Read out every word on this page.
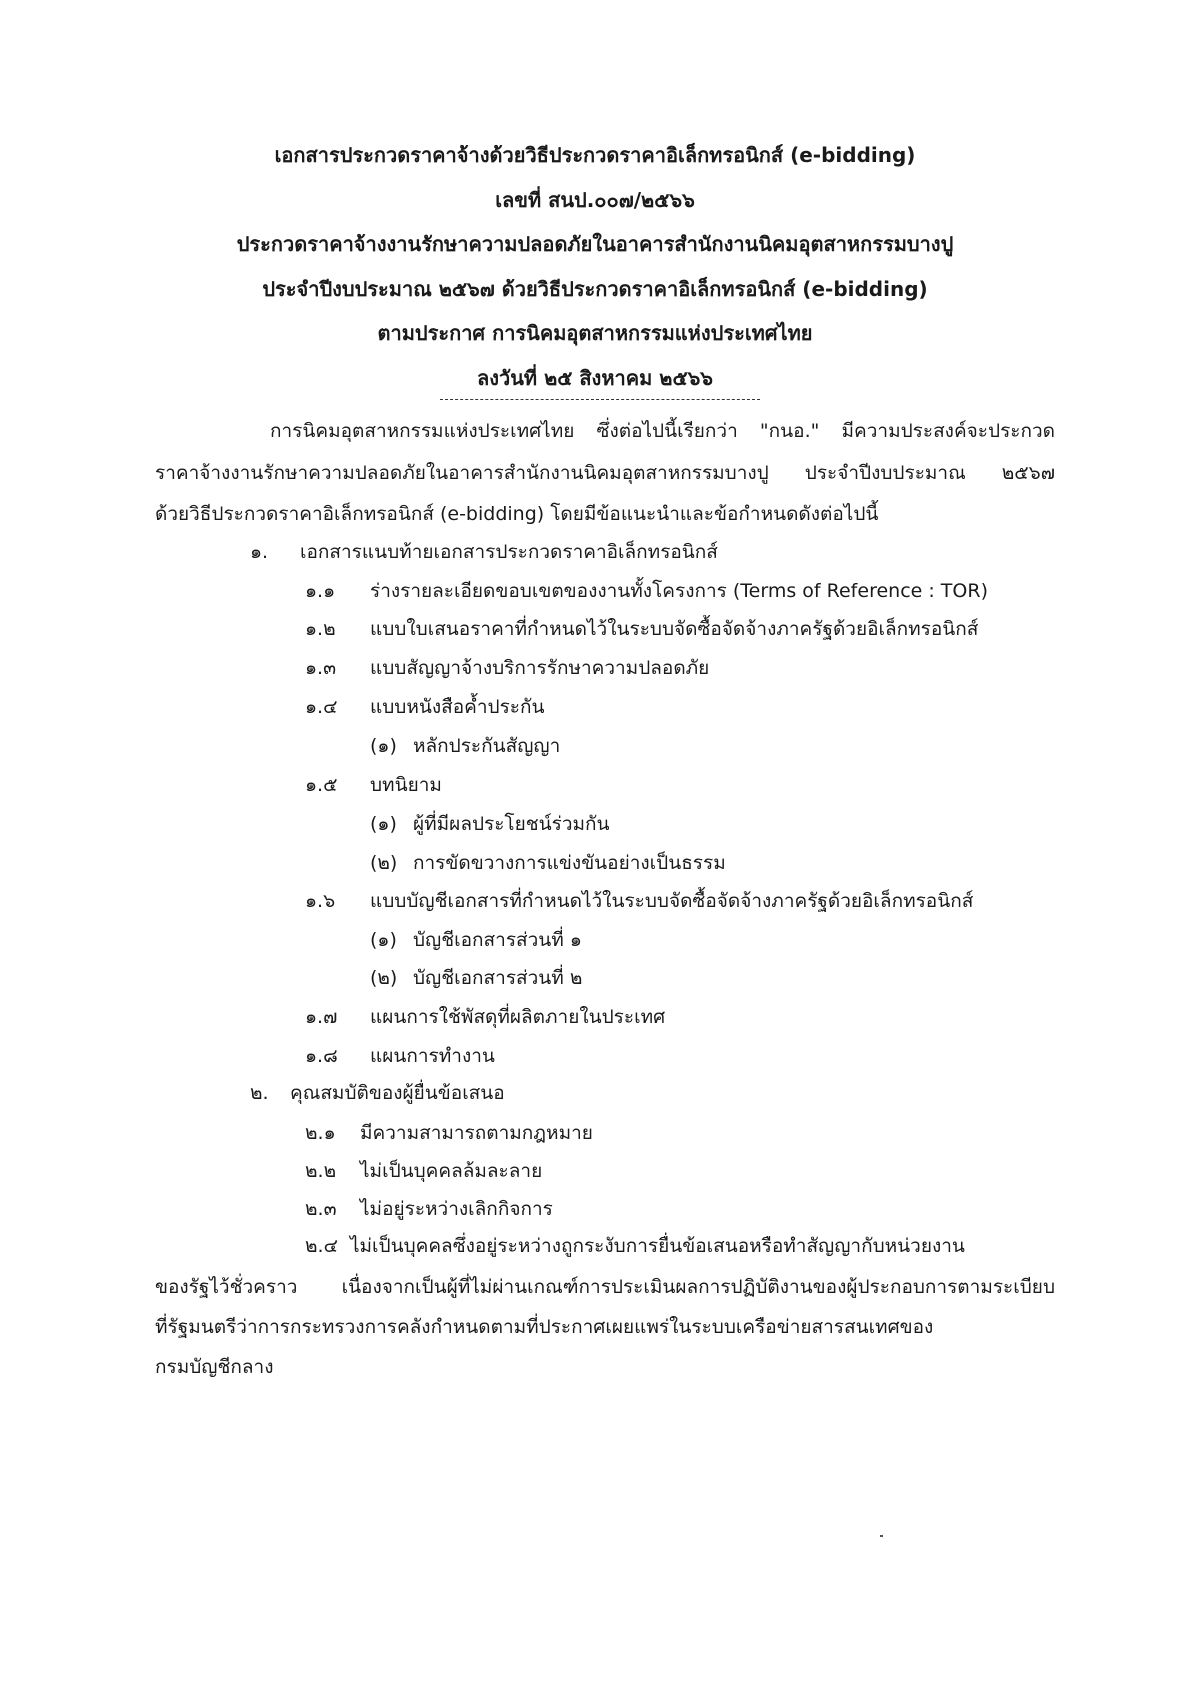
เอกสารประกวดราคาจ้างด้วยวิธีประกวดราคาอิเล็กทรอนิกส์ (e-bidding)
เลขที่ สนป.๐๐๗/๒๕๖๖
ประกวดราคาจ้างงานรักษาความปลอดภัยในอาคารสำนักงานนิคมอุตสาหกรรมบางปู
ประจำปีงบประมาณ ๒๕๖๗ ด้วยวิธีประกวดราคาอิเล็กทรอนิกส์ (e-bidding)
ตามประกาศ การนิคมอุตสาหกรรมแห่งประเทศไทย
ลงวันที่ ๒๕ สิงหาคม ๒๕๖๖
การนิคมอุตสาหกรรมแห่งประเทศไทย ซึ่งต่อไปนี้เรียกว่า "กนอ." มีความประสงค์จะประกวด
ราคาจ้างงานรักษาความปลอดภัยในอาคารสำนักงานนิคมอุตสาหกรรมบางปู ประจำปีงบประมาณ ๒๕๖๗
ด้วยวิธีประกวดราคาอิเล็กทรอนิกส์ (e-bidding) โดยมีข้อแนะนำและข้อกำหนดดังต่อไปนี้
๑. เอกสารแนบท้ายเอกสารประกวดราคาอิเล็กทรอนิกส์
๑.๑ ร่างรายละเอียดขอบเขตของงานทั้งโครงการ (Terms of Reference : TOR)
๑.๒ แบบใบเสนอราคาที่กำหนดไว้ในระบบจัดซื้อจัดจ้างภาครัฐด้วยอิเล็กทรอนิกส์
๑.๓ แบบสัญญาจ้างบริการรักษาความปลอดภัย
๑.๔ แบบหนังสือค้ำประกัน
(๑) หลักประกันสัญญา
๑.๕ บทนิยาม
(๑) ผู้ที่มีผลประโยชน์ร่วมกัน
(๒) การขัดขวางการแข่งขันอย่างเป็นธรรม
๑.๖ แบบบัญชีเอกสารที่กำหนดไว้ในระบบจัดซื้อจัดจ้างภาครัฐด้วยอิเล็กทรอนิกส์
(๑) บัญชีเอกสารส่วนที่ ๑
(๒) บัญชีเอกสารส่วนที่ ๒
๑.๗ แผนการใช้พัสดุที่ผลิตภายในประเทศ
๑.๘ แผนการทำงาน
๒. คุณสมบัติของผู้ยื่นข้อเสนอ
๒.๑ มีความสามารถตามกฎหมาย
๒.๒ ไม่เป็นบุคคลล้มละลาย
๒.๓ ไม่อยู่ระหว่างเลิกกิจการ
๒.๔ ไม่เป็นบุคคลซึ่งอยู่ระหว่างถูกระงับการยื่นข้อเสนอหรือทำสัญญากับหน่วยงาน
ของรัฐไว้ชั่วคราว เนื่องจากเป็นผู้ที่ไม่ผ่านเกณฑ์การประเมินผลการปฏิบัติงานของผู้ประกอบการตามระเบียบ
ที่รัฐมนตรีว่าการกระทรวงการคลังกำหนดตามที่ประกาศเผยแพร่ในระบบเครือข่ายสารสนเทศของ
กรมบัญชีกลาง
